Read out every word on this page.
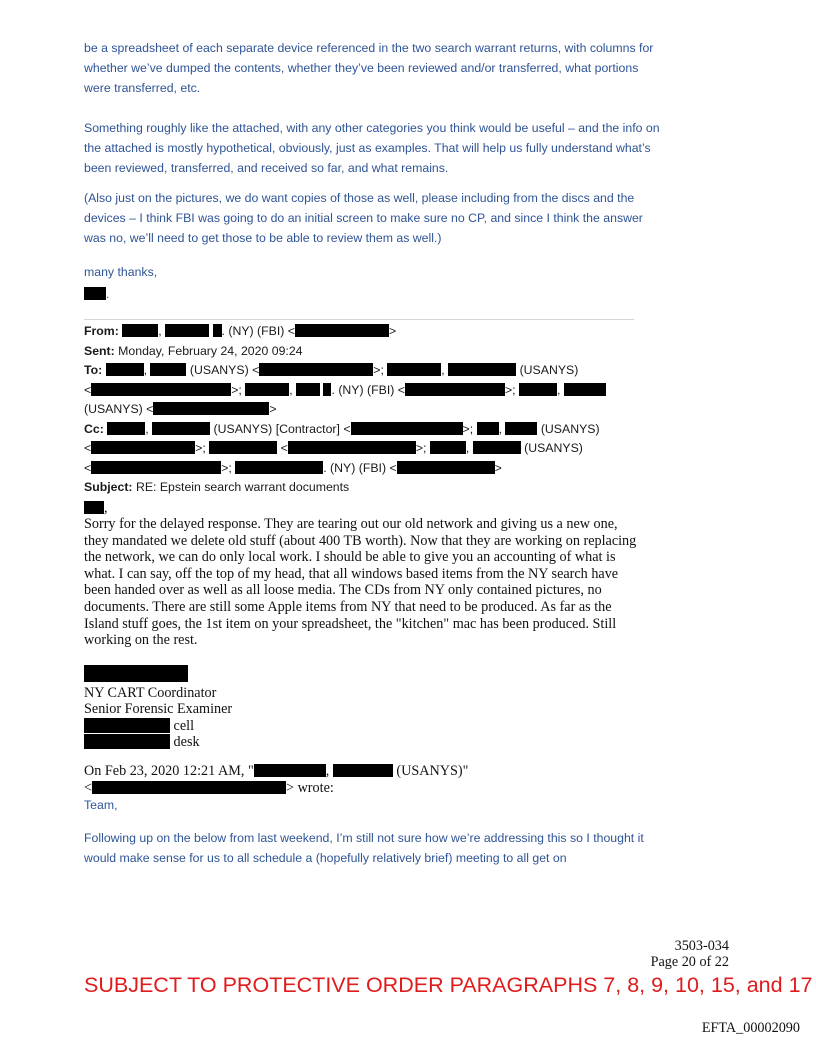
be a spreadsheet of each separate device referenced in the two search warrant returns, with columns for whether we’ve dumped the contents, whether they’ve been reviewed and/or transferred, what portions were transferred, etc.

Something roughly like the attached, with any other categories you think would be useful – and the info on the attached is mostly hypothetical, obviously, just as examples. That will help us fully understand what’s been reviewed, transferred, and received so far, and what remains.

(Also just on the pictures, we do want copies of those as well, please including from the discs and the devices – I think FBI was going to do an initial screen to make sure no CP, and since I think the answer was no, we’ll need to get those to be able to review them as well.)

many thanks,

.
From:	,	. (NY) (FBI) <	>
Sent: Monday, February 24, 2020 09:24
To:	,	(USANYS) <	>;	,	(USANYS)
<	>;	,	. (NY) (FBI) <	>;	,
(USANYS) <	>
Cc:	,	(USANYS) [Contractor] <	>; ,	(USANYS)
<	>;	<	>;	,	(USANYS)
<	>;	. (NY) (FBI) <	>
Subject: RE: Epstein search warrant documents
,

Sorry for the delayed response. They are tearing out our old network and giving us a new one, they mandated we delete old stuff (about 400 TB worth). Now that they are working on replacing the network, we can do only local work. I should be able to give you an accounting of what is what. I can say, off the top of my head, that all windows based items from the NY search have been handed over as well as all loose media. The CDs from NY only contained pictures, no documents. There are still some Apple items from NY that need to be produced. As far as the Island stuff goes, the 1st item on your spreadsheet, the "kitchen" mac has been produced. Still working on the rest.

NY CART Coordinator
Senior Forensic Examiner
cell
desk
On Feb 23, 2020 12:21 AM, "	,	(USANYS)"
<	> wrote:

Team,

Following up on the below from last weekend, I’m still not sure how we’re addressing this so I thought it would make sense for us to all schedule a (hopefully relatively brief) meeting to all get on

3503-034
Page 20 of 22
SUBJECT TO PROTECTIVE ORDER PARAGRAPHS 7, 8, 9, 10, 15, and 17
EFTA_00002090
